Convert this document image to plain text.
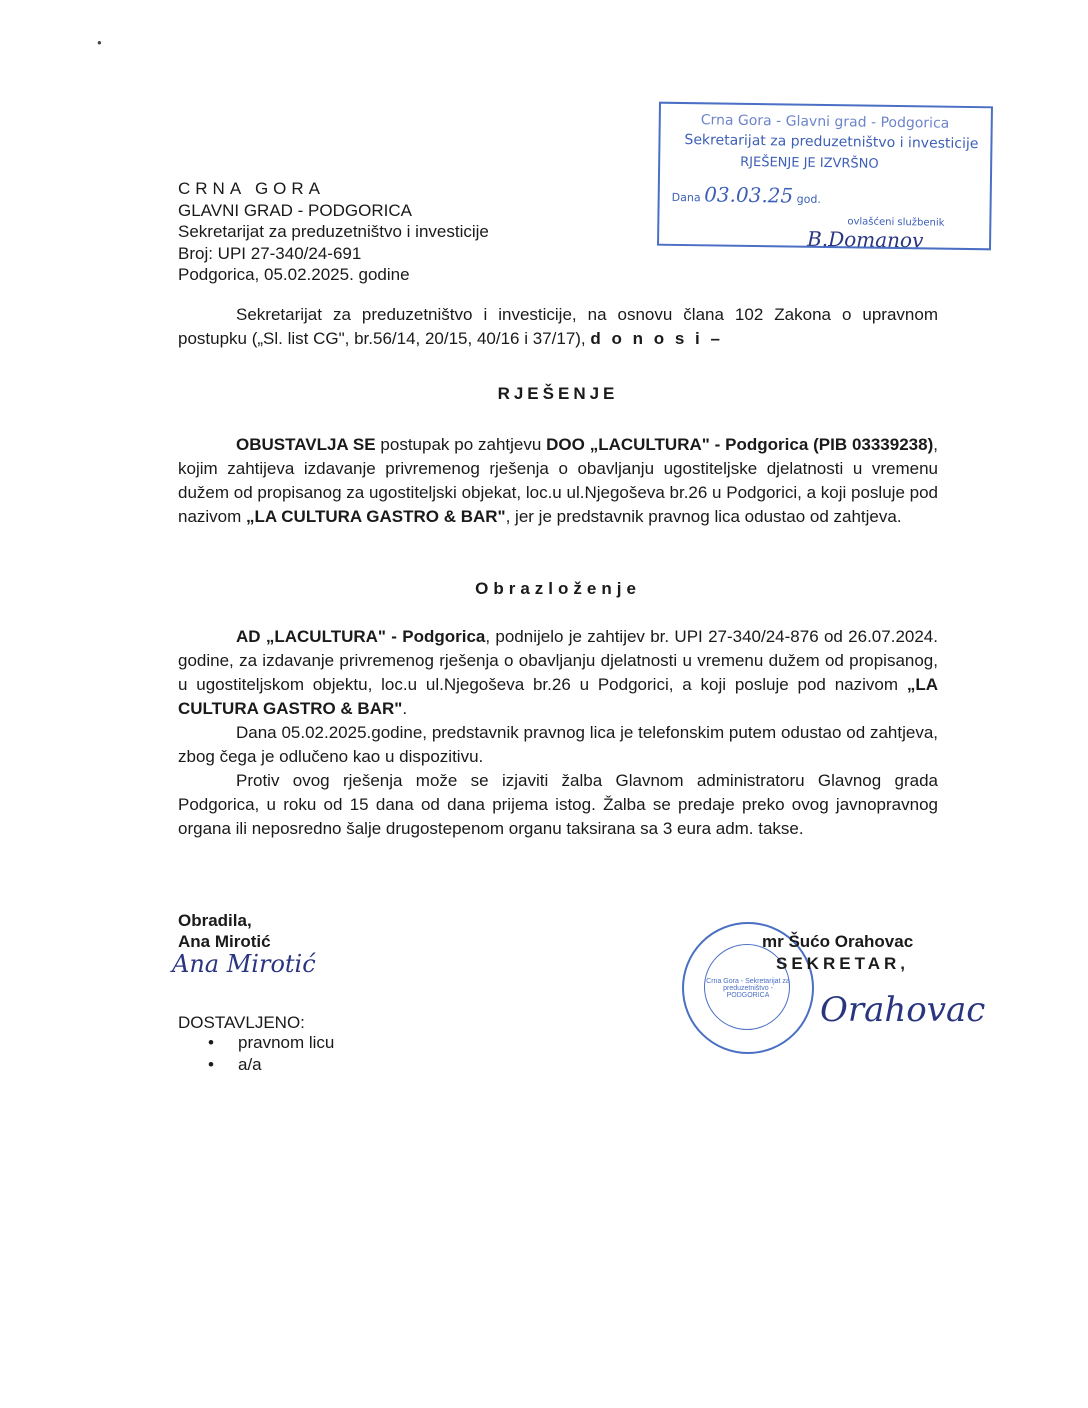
Crna Gora - Glavni grad - Podgorica
Sekretarijat za preduzetništvo i investicije
RJEŠENJE JE IZVRŠNO
Dana 03.03.25 god.
ovlašćeni službenik
B.Domanov
CRNA GORA
GLAVNI GRAD - PODGORICA
Sekretarijat za preduzetništvo i investicije
Broj: UPI 27-340/24-691
Podgorica, 05.02.2025. godine
Sekretarijat za preduzetništvo i investicije, na osnovu člana 102 Zakona o upravnom postupku („Sl. list CG", br.56/14, 20/15, 40/16 i 37/17), d o n o s i –
RJEŠENJE
OBUSTAVLJA SE postupak po zahtjevu DOO „LACULTURA" - Podgorica (PIB 03339238), kojim zahtijeva izdavanje privremenog rješenja o obavljanju ugostiteljske djelatnosti u vremenu dužem od propisanog za ugostiteljski objekat, loc.u ul.Njegoševa br.26 u Podgorici, a koji posluje pod nazivom „LA CULTURA GASTRO & BAR", jer je predstavnik pravnog lica odustao od zahtjeva.
Obrazloženje
AD „LACULTURA" - Podgorica, podnijelo je zahtijev br. UPI 27-340/24-876 od 26.07.2024. godine, za izdavanje privremenog rješenja o obavljanju djelatnosti u vremenu dužem od propisanog, u ugostiteljskom objektu, loc.u ul.Njegoševa br.26 u Podgorici, a koji posluje pod nazivom „LA CULTURA GASTRO & BAR".
Dana 05.02.2025.godine, predstavnik pravnog lica je telefonskim putem odustao od zahtjeva, zbog čega je odlučeno kao u dispozitivu.
Protiv ovog rješenja može se izjaviti žalba Glavnom administratoru Glavnog grada Podgorica, u roku od 15 dana od dana prijema istog. Žalba se predaje preko ovog javnopravnog organa ili neposredno šalje drugostepenom organu taksirana sa 3 eura adm. takse.
Obradila,
Ana Mirotić
Ana Mirotić
DOSTAVLJENO:
• pravnom licu
• a/a
Crna Gora - Sekretarijat za preduzetništvo - PODGORICA
mr Šućo Orahovac
SEKRETAR,
Orahovac
●
